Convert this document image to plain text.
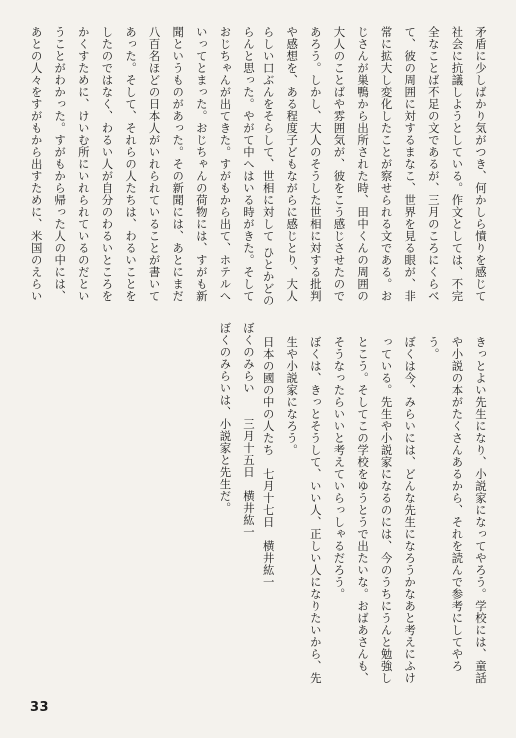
矛盾に少しばかり気がつき、何かしら憤りを感じて社会に抗議しようとしている。作文としては、不完全なことば不足の文であるが、三月のころにくらべて、彼の周囲に対するまなこ、世界を見る眼が、非常に拡大し変化したことが察せられる文である。おじさんが巣鴨から出所された時、田中くんの周囲の大人のことばや雰囲気が、彼をこう感じさせたのであろう。しかし、大人のそうした世相に対する批判や感想を、ある程度子どもながらに感じとり、大人らしい口ぶんをそらして、世相に対して ひとかどの

らんと思った。やがて中へはいる時がきた。そしておじちゃんが出てきた。すがもから出て、ホテルへいってとまった。おじちゃんの荷物には、すがも新聞というものがあった。その新聞には、あとにまだ八百名ほどの日本人がいれられていることが書いてあった。そして、それらの人たちは、わるいことをしたのではなく、わるい人が自分のわるいところをかくすために、けいむ所にいれられているのだということがわかった。すがもから帰った人の中には、あとの人々をすがもから出すために、米国のえらい

きっとよい先生になり、小説家になってやろう。学校には、童話や小説の本がたくさんあるから、それを読んで参考にしてやろう。
ぼくは今、みらいには、どんな先生になろうかなあと考えにふけっている。先生や小説家になるのには、今のうちにうんと勉強しとこう。そしてこの学校をゆうとうで出たいな。おばあさんも、そうなったらいいと考えていらっしゃるだろう。
ぼくは、きっとそうして、いい人、正しい人になりたいから、先生や小説家になろう。
日本の國の中の人たち　七月十七日　横井紘一

ぼくのみらい　　三月十五日　横井紘一
ぼくのみらいは、小説家と先生だ。
33
